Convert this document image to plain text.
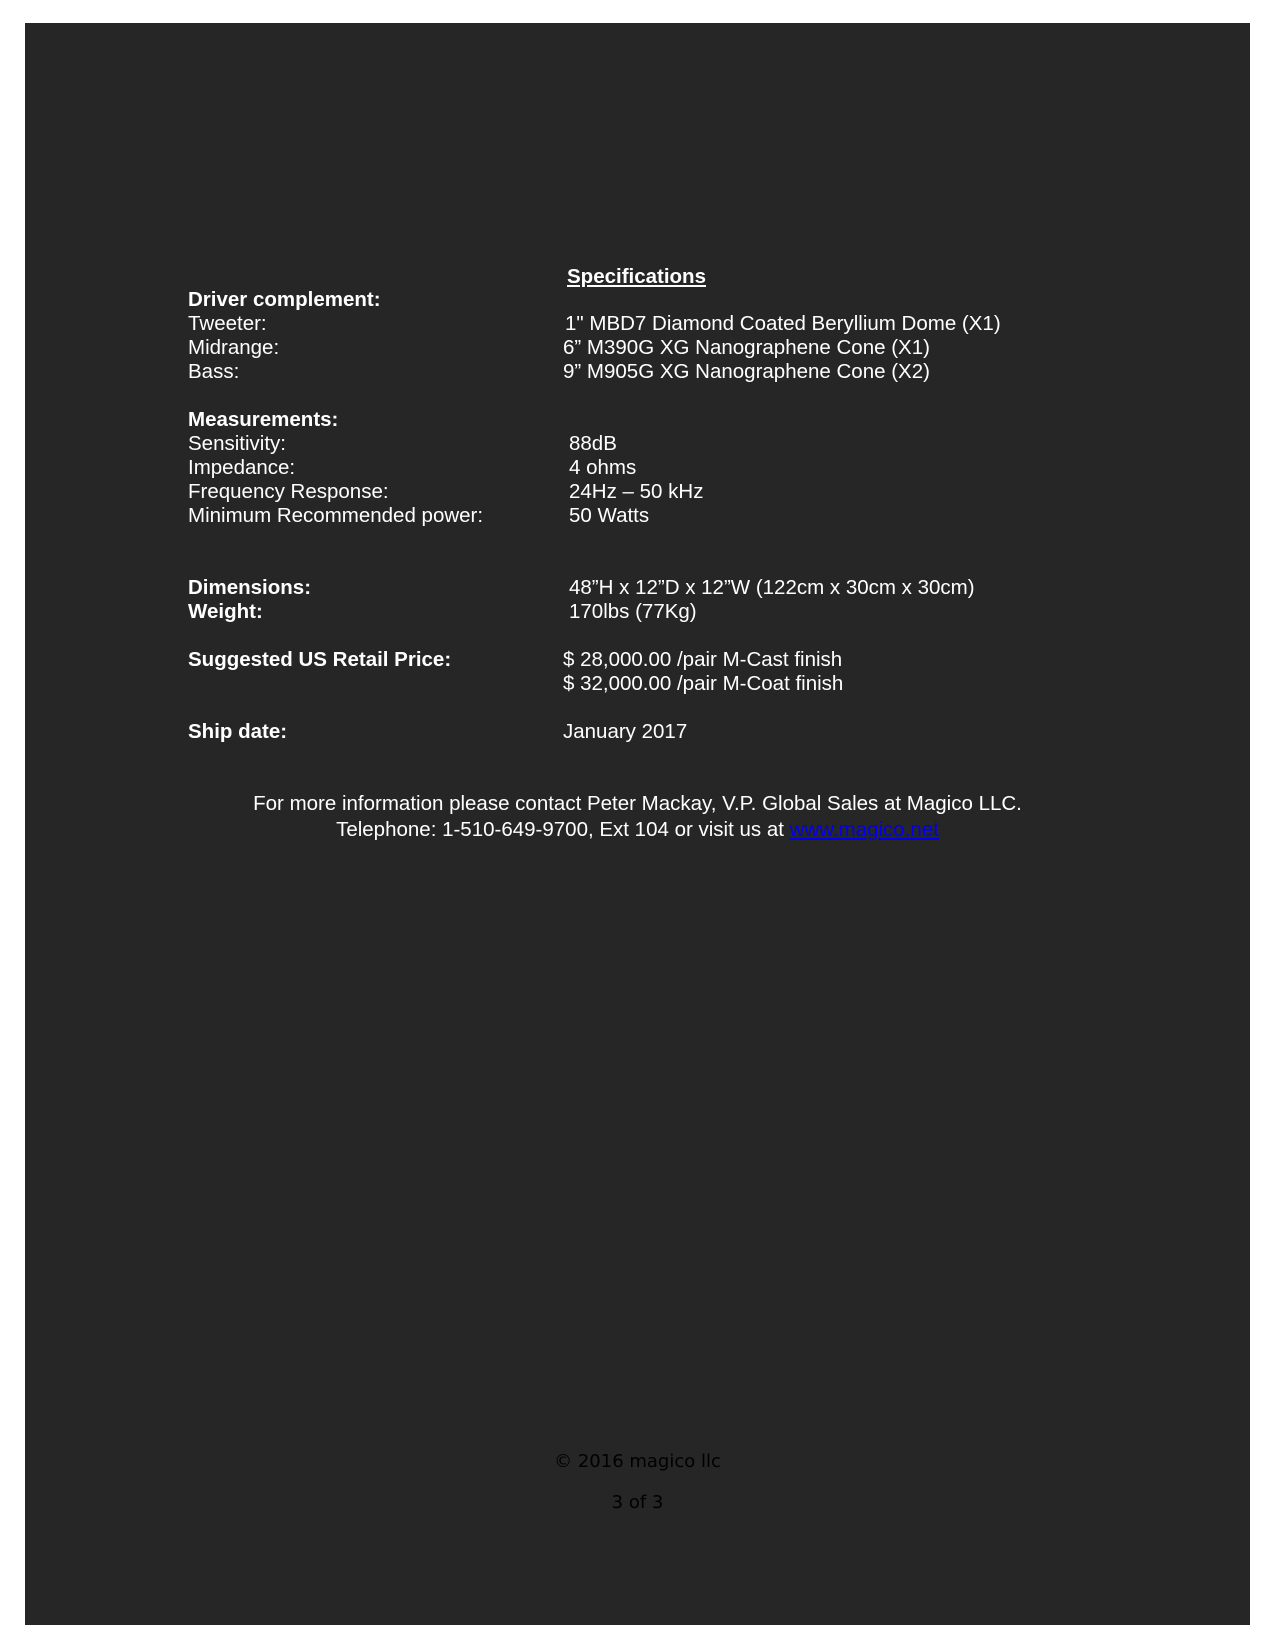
Specifications
Driver complement:
Tweeter:	1" MBD7 Diamond Coated Beryllium Dome (X1)
Midrange:	6” M390G XG Nanographene Cone (X1)
Bass:	9” M905G XG Nanographene Cone (X2)
Measurements:
Sensitivity:	88dB
Impedance:	4 ohms
Frequency Response:	24Hz – 50 kHz
Minimum Recommended power:	50 Watts
Dimensions:	48”H x 12”D x 12”W (122cm x 30cm x 30cm)
Weight:	170lbs (77Kg)
Suggested US Retail Price:	$ 28,000.00 /pair M-Cast finish
$ 32,000.00 /pair M-Coat finish
Ship date:	January 2017
For more information please contact Peter Mackay, V.P. Global Sales at Magico LLC.
Telephone: 1-510-649-9700, Ext 104 or visit us at www.magico.net
© 2016 magico llc
3 of 3
